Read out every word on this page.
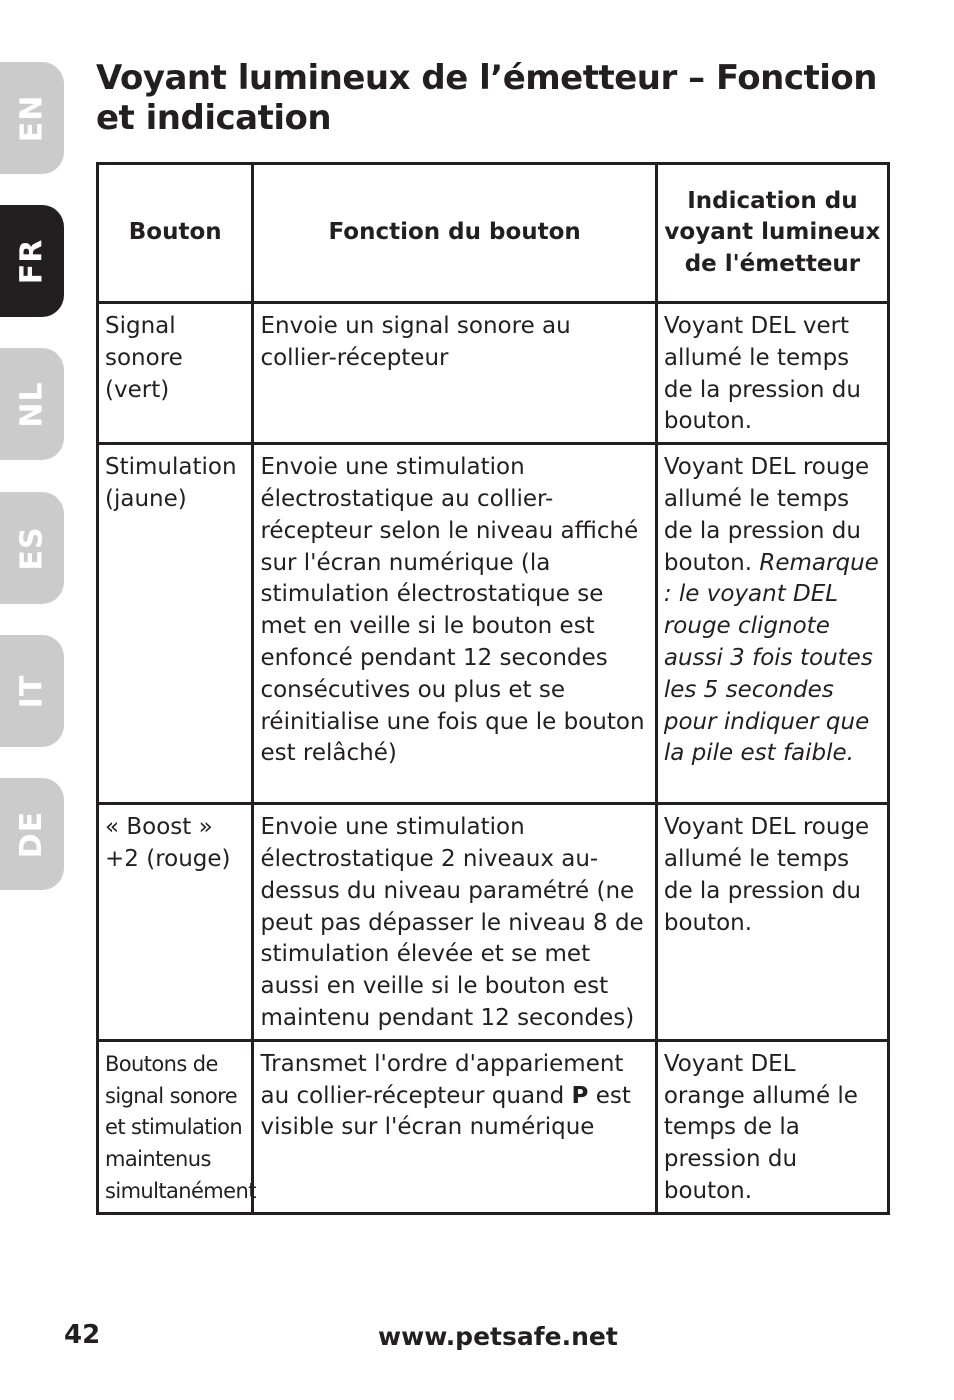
EN
FR
NL
ES
IT
DE
Voyant lumineux de l’émetteur – Fonction et indication
Bouton	Fonction du bouton	Indication du voyant lumineux de l'émetteur
Signal sonore (vert)	Envoie un signal sonore au collier-récepteur	Voyant DEL vert allumé le temps de la pression du bouton.
Stimulation (jaune)	Envoie une stimulation électrostatique au collier-récepteur selon le niveau affiché sur l'écran numérique (la stimulation électrostatique se met en veille si le bouton est enfoncé pendant 12 secondes consécutives ou plus et se réinitialise une fois que le bouton est relâché)	Voyant DEL rouge allumé le temps de la pression du bouton. Remarque : le voyant DEL rouge clignote aussi 3 fois toutes les 5 secondes pour indiquer que la pile est faible.
« Boost » +2 (rouge)	Envoie une stimulation électrostatique 2 niveaux au-dessus du niveau paramétré (ne peut pas dépasser le niveau 8 de stimulation élevée et se met aussi en veille si le bouton est maintenu pendant 12 secondes)	Voyant DEL rouge allumé le temps de la pression du bouton.
Boutons de signal sonore et stimulation maintenus simultanément	Transmet l'ordre d'appariement au collier-récepteur quand P est visible sur l'écran numérique	Voyant DEL orange allumé le temps de la pression du bouton.
42	www.petsafe.net
